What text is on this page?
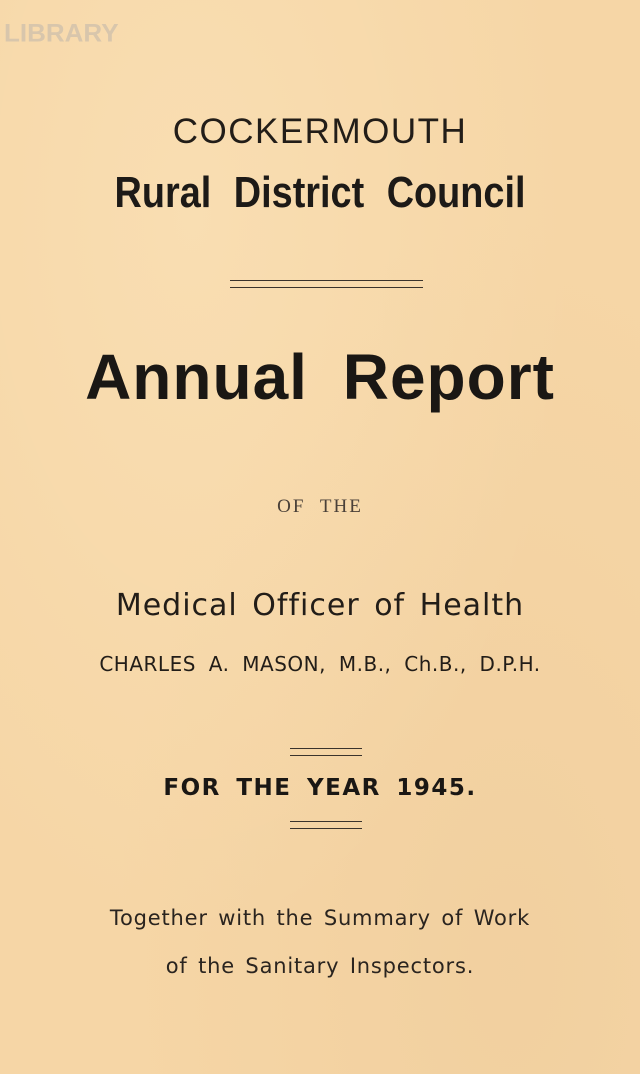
LIBRARY
COCKERMOUTH
Rural District Council
Annual Report
OF THE
Medical Officer of Health
CHARLES A. MASON, M.B., Ch.B., D.P.H.
FOR THE YEAR 1945.
Together with the Summary of Work
of the Sanitary Inspectors.
